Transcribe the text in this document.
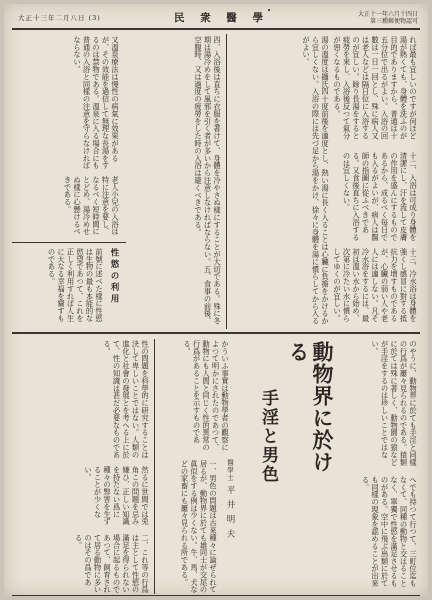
大正十一年六月十四日
第三種郵便物認可
•
民 衆 醫 學
大正十三年二月八日 (3)
れば最も宜しいのですが何ほど湯が熱くても、身體を洗ふのが目的でありますから、普通は十五分位で出るがよい。入浴の回數は一日一回とし、殊に病人又は老人などは隔日位に入浴するのが宜しい。餘り長湯をすると疲勞を來し、入浴後反つて氣分が惡くなるものである。
十二、入浴は可成り身體を清潔にし、汗を流して皮膚の作用を盛んにするものであるから、成るべく毎日でも入るがよいが、病人は醫師の指圖に從ふべきである。又食後直ちに入浴するのは宜しくない。
十三、冷水浴は身體を強くし感冒に對する抵抗力を增すものであるが、心臟の弱い人や老人には適しない。凡そ冷水浴をするには、最初は溫い水から始め、次第に冷たい水に慣らしてゆくのが宜しい。
湯の溫度は攝氏四十度前後を適度とし、熱い湯に長く入ることは心臟に負擔をかけるから宜しくない。入浴の際には先づ足から湯をかけ、徐々に身體を湯に慣らしてから入るがよい。
四、入浴後は直ちに衣服を著けて、身體を冷やさぬ樣にすることが大切である。殊に冬期は湯冷めをして風邪を引く者が多いから注意しなければならない。五、食事の前後、空腹時、又は過度の疲勞をした時の入浴は避くべきである。
又溫泉療法は慢性の病氣に效果があるが、その效能を過信して無理な長湯をするのは禁物である。溫泉に入る場合にも普通の入浴と同樣の注意を守らなければならない。
老人小兒の入浴は特に注意を要し、なるべく短時間にとどめ、湯冷めせぬ樣に心懸けるべきである。
性慾の利用
前號に述べた樣に性慾は生物の最も本能的な慾望であつて、これを正しく利用すれば人生に大なる幸福を齎すものである。
のやうに、動物界に於ても手淫と同樣の行爲が屢々見られるのである。猿類に於ては殊に著しく、動物園の猿などが手淫をするのは珍しいことではない。
へでも持つて行つて、三町位迄もなくて、同種の動物と交はることなく、單獨で性慾を滿足させるものがある。空中に飛ぶ鳥類に於ても同樣の現象を認めることが出來る。
動物界に於ける
手淫と男色
醫學士平井明夫
かういふ事實は動物學者の觀察によつて明かにされたのであつて、動物にも人間と同じく性的異常の行爲があることを示すものである。
一、男色の問題は古來種々に論ぜられて居るが、動物界に於ても雄同士が交尾の眞似をする例は少くない。牛、馬、犬などの家畜にも屢々見られる所である。
性の問題を科學的に研究することは決して卑しいことではない。人類の進化と社會の發展とを考へる上に於て、性の知識は甚だ必要なものである。
然るに世間では兎角この問題を忌み嫌ひ、正しい知識を持たない爲に種々の弊害を生ずることが少くない。
二、これ等の行爲は主として性慾の滿足を得られない場合に起るものであつて、飼育されて居る動物に多いのはその爲である。
